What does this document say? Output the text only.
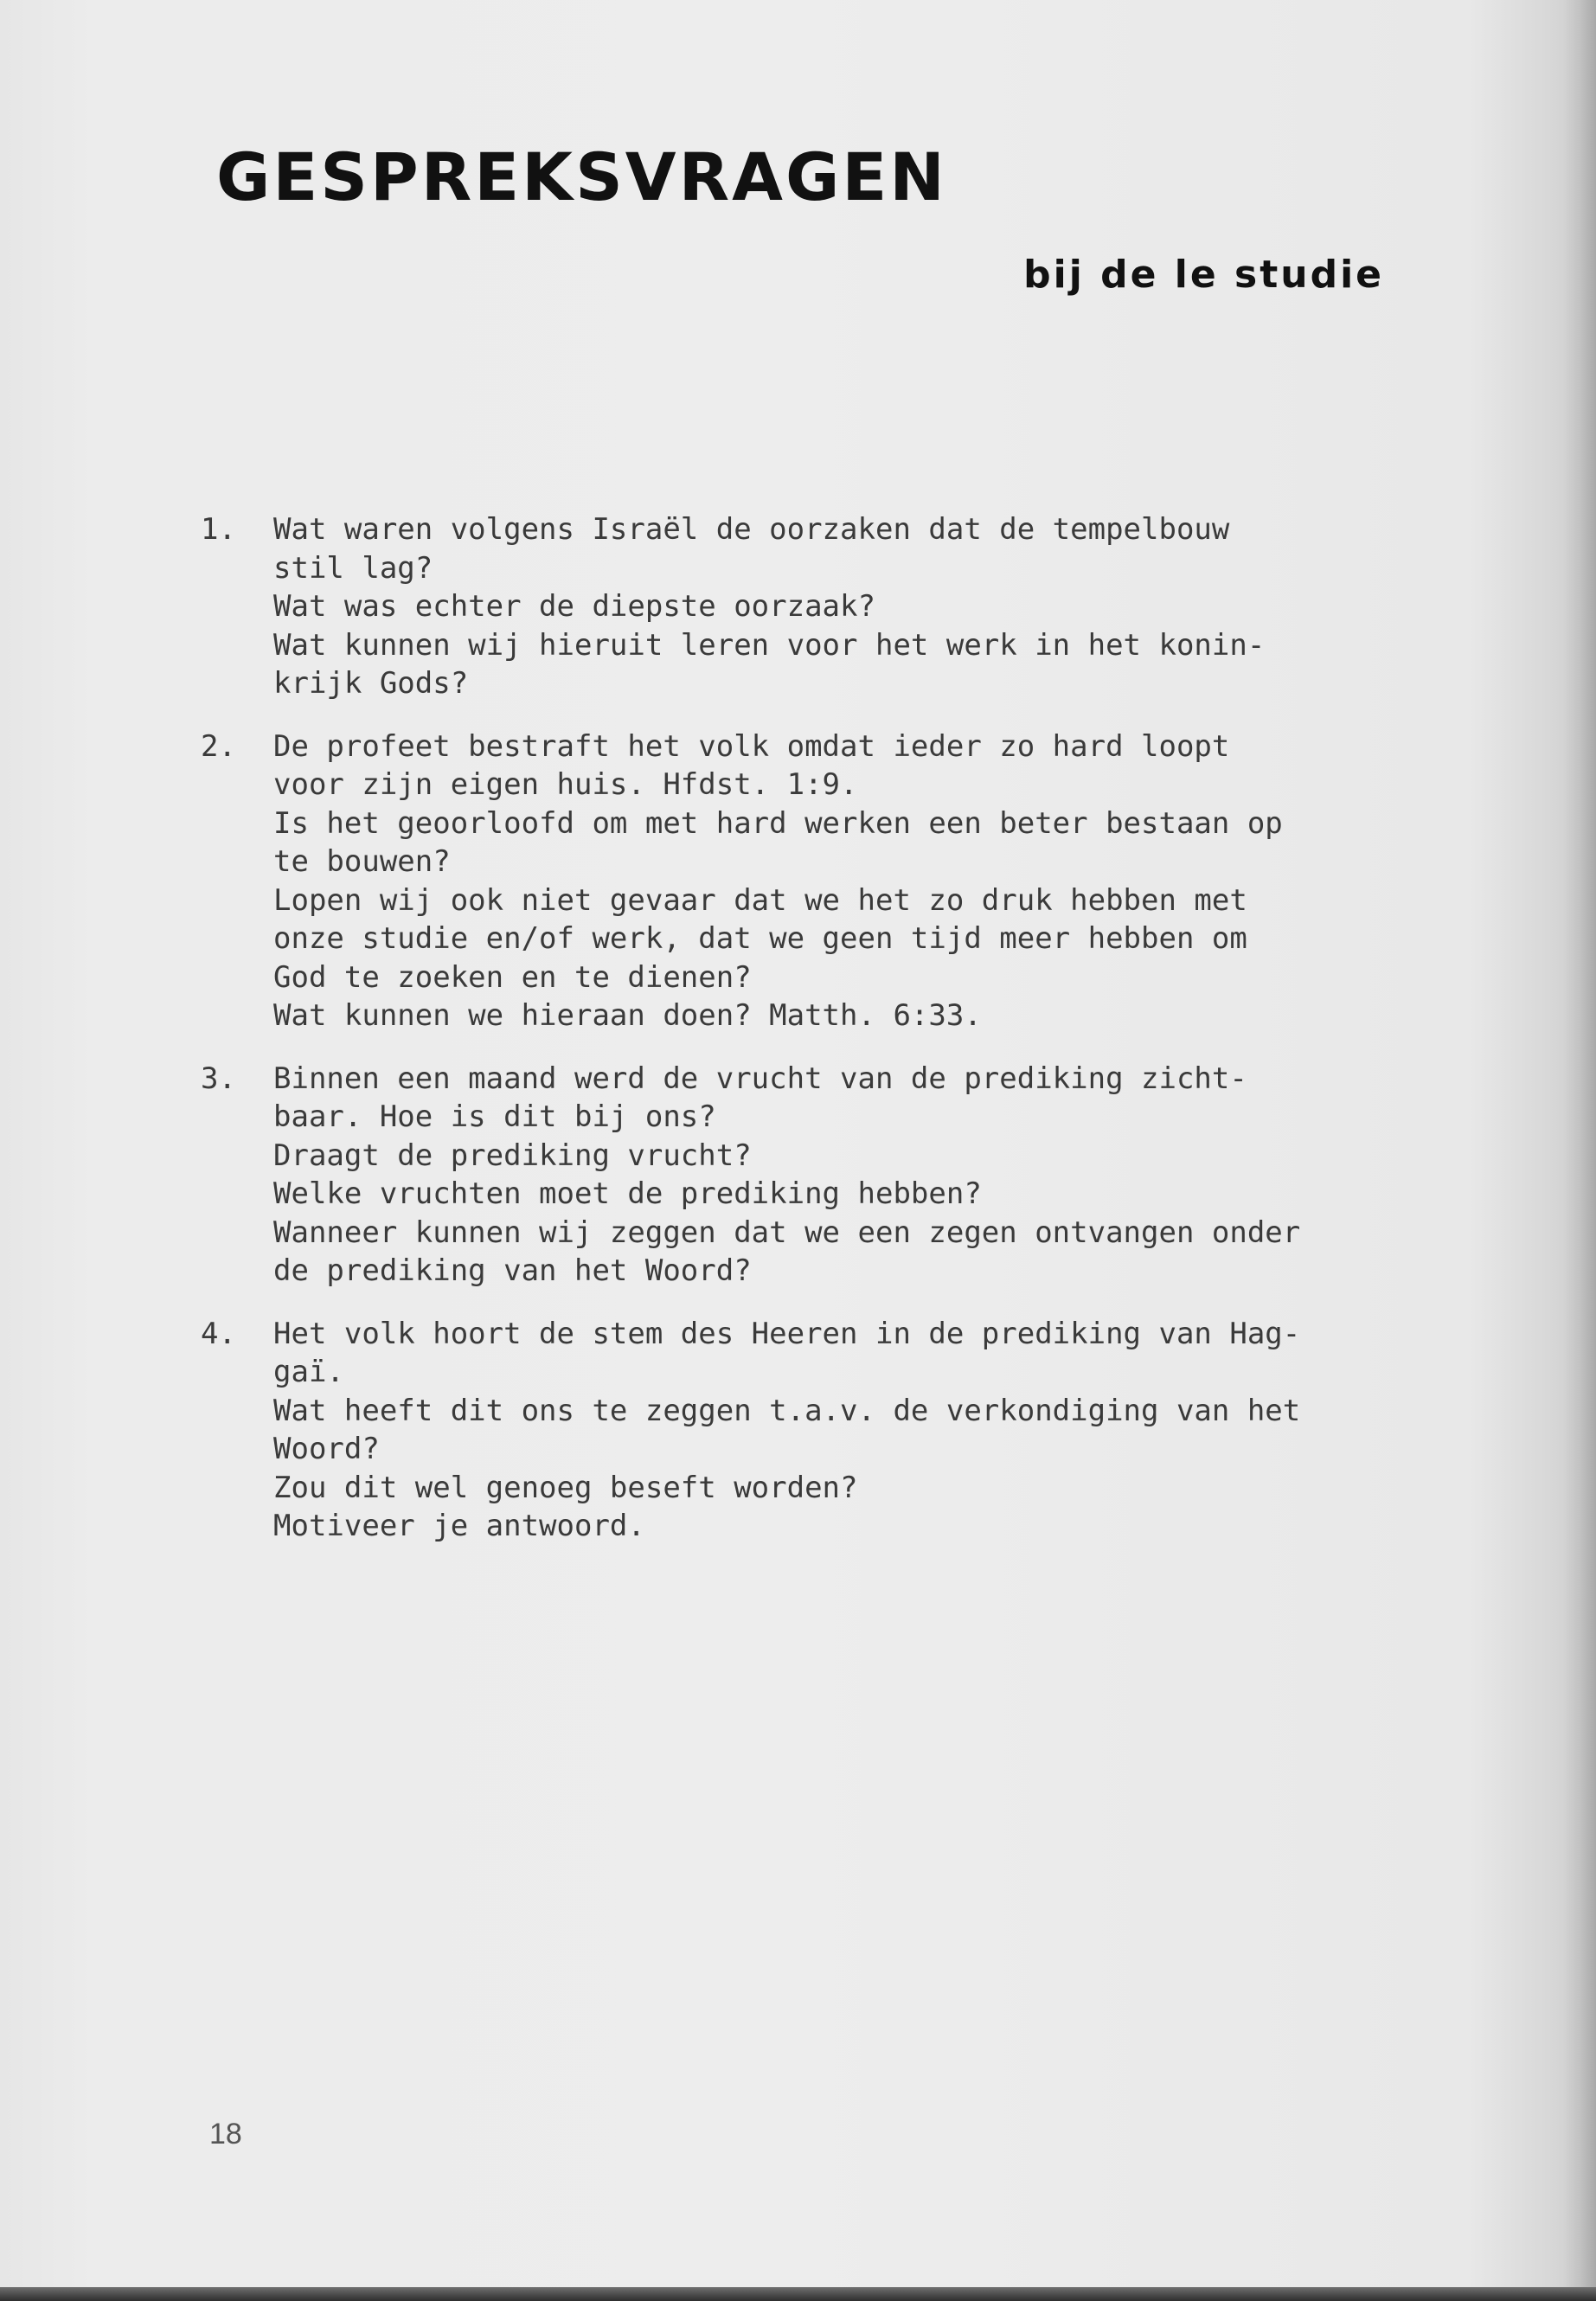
GESPREKSVRAGEN
bij de le studie
1.	Wat waren volgens Israël de oorzaken dat de tempelbouw
stil lag?
Wat was echter de diepste oorzaak?
Wat kunnen wij hieruit leren voor het werk in het konin-
krijk Gods?
2.	De profeet bestraft het volk omdat ieder zo hard loopt
voor zijn eigen huis. Hfdst. 1:9.
Is het geoorloofd om met hard werken een beter bestaan op
te bouwen?
Lopen wij ook niet gevaar dat we het zo druk hebben met
onze studie en/of werk, dat we geen tijd meer hebben om
God te zoeken en te dienen?
Wat kunnen we hieraan doen? Matth. 6:33.
3.	Binnen een maand werd de vrucht van de prediking zicht-
baar. Hoe is dit bij ons?
Draagt de prediking vrucht?
Welke vruchten moet de prediking hebben?
Wanneer kunnen wij zeggen dat we een zegen ontvangen onder
de prediking van het Woord?
4.	Het volk hoort de stem des Heeren in de prediking van Hag-
gaï.
Wat heeft dit ons te zeggen t.a.v. de verkondiging van het
Woord?
Zou dit wel genoeg beseft worden?
Motiveer je antwoord.
18
